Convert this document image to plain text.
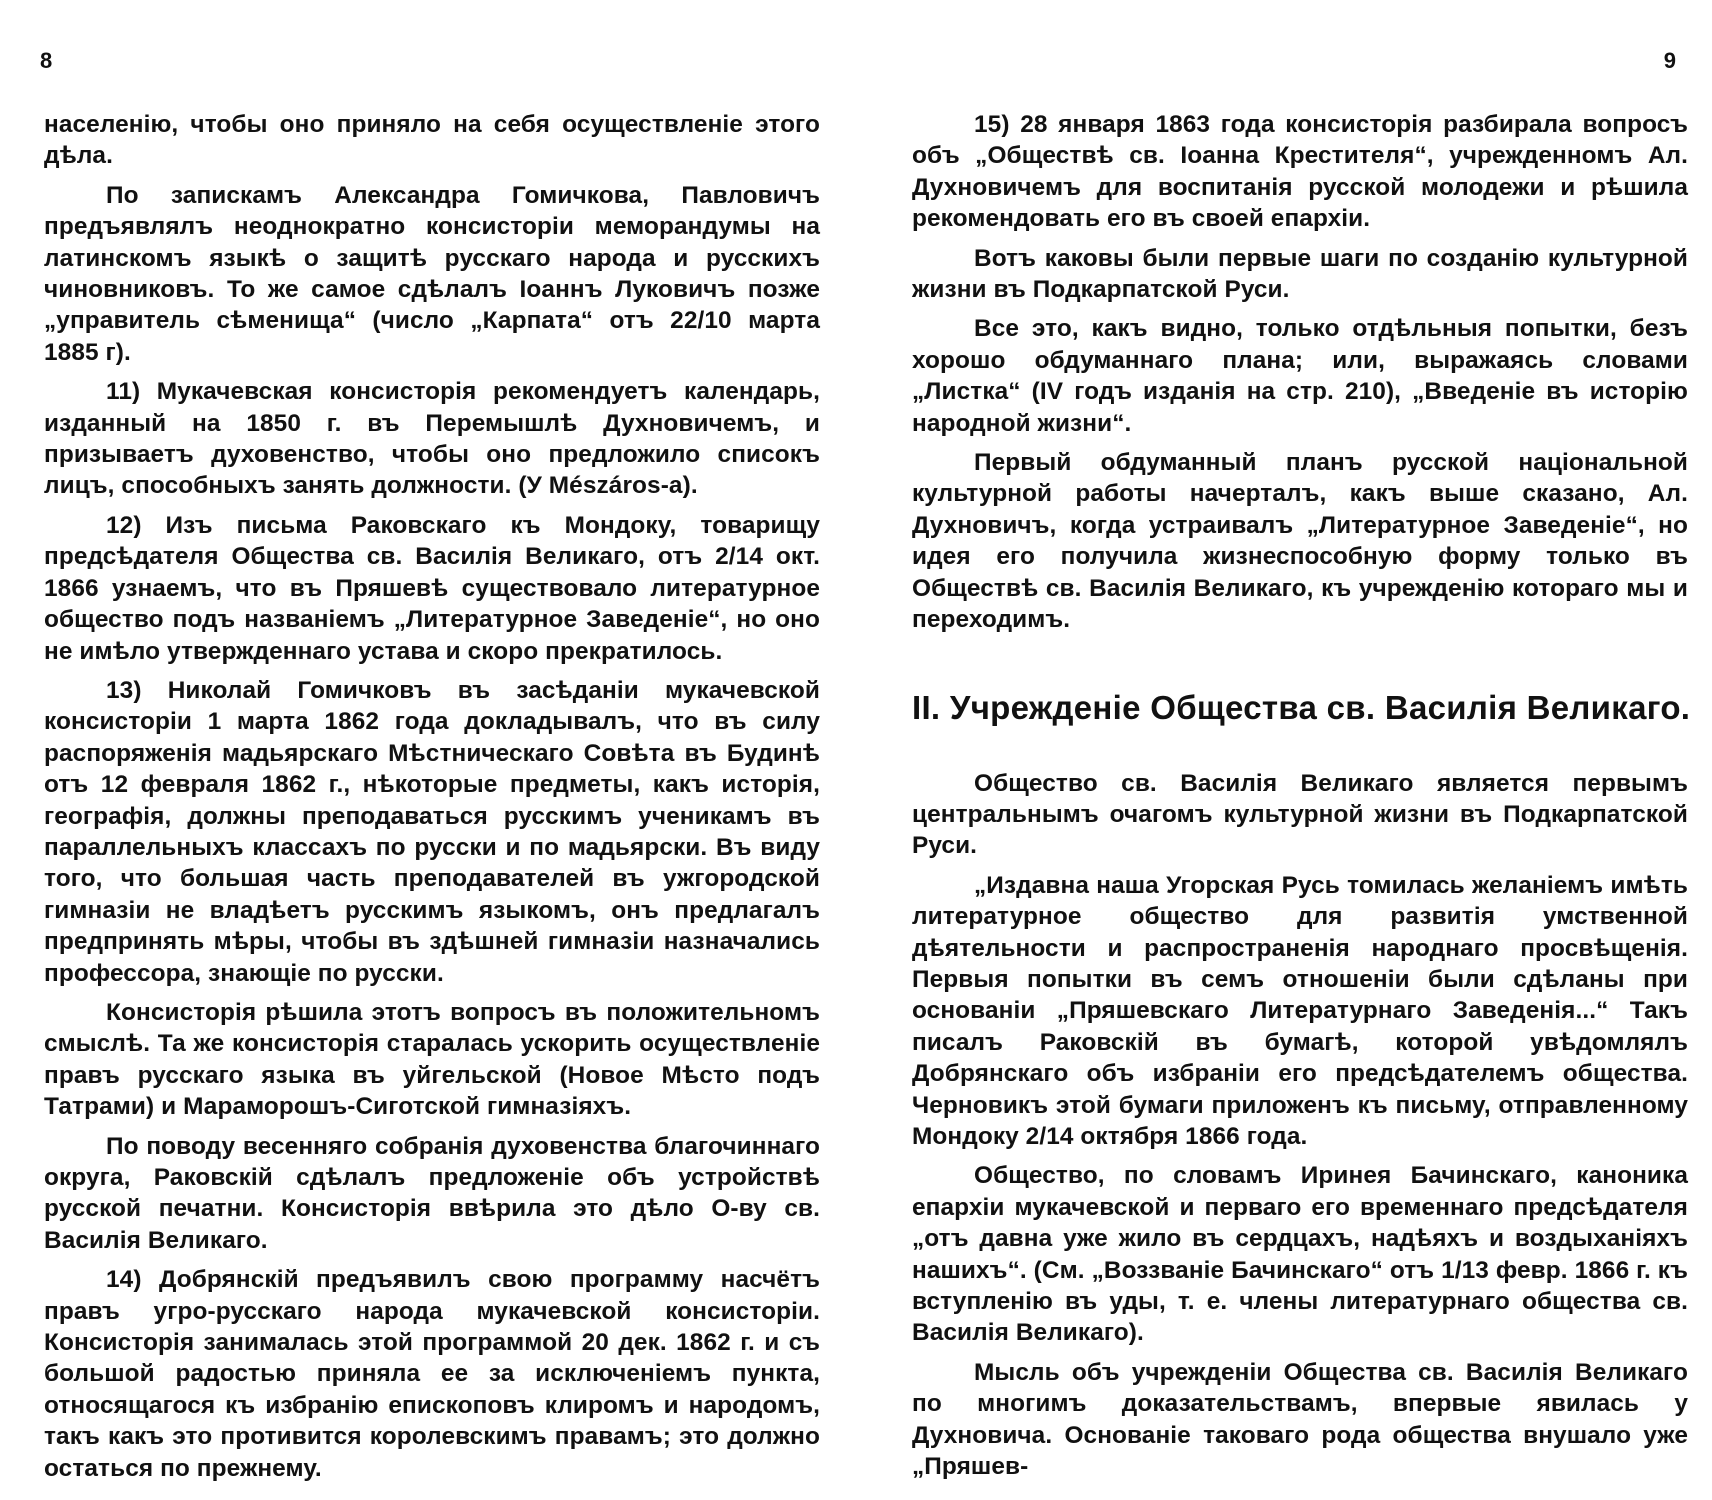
8

населенію, чтобы оно приняло на себя осуществленіе этого дѣла.

По запискамъ Александра Гомичкова, Павловичъ предъявлялъ неоднократно консисторіи меморандумы на латинскомъ языкѣ о защитѣ русскаго народа и русскихъ чиновниковъ. То же самое сдѣлалъ Іоаннъ Луковичъ позже „управитель сѣменища“ (число „Карпата“ отъ 22/10 марта 1885 г).

11) Мукачевская консисторія рекомендуетъ календарь, изданный на 1850 г. въ Перемышлѣ Духновичемъ, и призываетъ духовенство, чтобы оно предложило списокъ лицъ, способныхъ занять должности. (У Mészáros-a).

12) Изъ письма Раковскаго къ Мондоку, товарищу предсѣдателя Общества св. Василія Великаго, отъ 2/14 окт. 1866 узнаемъ, что въ Пряшевѣ существовало литературное общество подъ названіемъ „Литературное Заведеніе“, но оно не имѣло утвержденнаго устава и скоро прекратилось.

13) Николай Гомичковъ въ засѣданіи мукачевской консисторіи 1 марта 1862 года докладывалъ, что въ силу распоряженія мадьярскаго Мѣстническаго Совѣта въ Будинѣ отъ 12 февраля 1862 г., нѣкоторые предметы, какъ исторія, географія, должны преподаваться русскимъ ученикамъ въ параллельныхъ классахъ по русски и по мадьярски. Въ виду того, что большая часть преподавателей въ ужгородской гимназіи не владѣетъ русскимъ языкомъ, онъ предлагалъ предпринять мѣры, чтобы въ здѣшней гимназіи назначались профессора, знающіе по русски.

Консисторія рѣшила этотъ вопросъ въ положительномъ смыслѣ. Та же консисторія старалась ускорить осуществленіе правъ русскаго языка въ уйгельской (Новое Мѣсто подъ Татрами) и Мараморошъ-Сиготской гимназіяхъ.

По поводу весенняго собранія духовенства благочиннаго округа, Раковскій сдѣлалъ предложеніе объ устройствѣ русской печатни. Консисторія ввѣрила это дѣло О-ву св. Василія Великаго.

14) Добрянскій предъявилъ свою программу насчётъ правъ угро-русскаго народа мукачевской консисторіи. Консисторія занималась этой программой 20 дек. 1862 г. и съ большой радостью приняла ее за исключеніемъ пункта, относящагося къ избранію епископовъ клиромъ и народомъ, такъ какъ это противится королевскимъ правамъ; это должно остаться по прежнему.

9

15) 28 января 1863 года консисторія разбирала вопросъ объ „Обществѣ св. Іоанна Крестителя“, учрежденномъ Ал. Духновичемъ для воспитанія русской молодежи и рѣшила рекомендовать его въ своей епархіи.

Вотъ каковы были первые шаги по созданію культурной жизни въ Подкарпатской Руси.

Все это, какъ видно, только отдѣльныя попытки, безъ хорошо обдуманнаго плана; или, выражаясь словами „Листка“ (IV годъ изданія на стр. 210), „Введеніе въ исторію народной жизни“.

Первый обдуманный планъ русской національной культурной работы начерталъ, какъ выше сказано, Ал. Духновичъ, когда устраивалъ „Литературное Заведеніе“, но идея его получила жизнеспособную форму только въ Обществѣ св. Василія Великаго, къ учрежденію котораго мы и переходимъ.

II. Учрежденіе Общества св. Василія Великаго.

Общество св. Василія Великаго является первымъ центральнымъ очагомъ культурной жизни въ Подкарпатской Руси.

„Издавна наша Угорская Русь томилась желаніемъ имѣть литературное общество для развитія умственной дѣятельности и распространенія народнаго просвѣщенія. Первыя попытки въ семъ отношеніи были сдѣланы при основаніи „Пряшевскаго Литературнаго Заведенія...“ Такъ писалъ Раковскій въ бумагѣ, которой увѣдомлялъ Добрянскаго объ избраніи его предсѣдателемъ общества. Черновикъ этой бумаги приложенъ къ письму, отправленному Мондоку 2/14 октября 1866 года.

Общество, по словамъ Иринея Бачинскаго, каноника епархіи мукачевской и перваго его временнаго предсѣдателя „отъ давна уже жило въ сердцахъ, надѣяхъ и воздыханіяхъ нашихъ“. (См. „Воззваніе Бачинскаго“ отъ 1/13 февр. 1866 г. къ вступленію въ уды, т. е. члены литературнаго общества св. Василія Великаго).

Мысль объ учрежденіи Общества св. Василія Великаго по многимъ доказательствамъ, впервые явилась у Духновича. Основаніе таковаго рода общества внушало уже „Пряшев-
